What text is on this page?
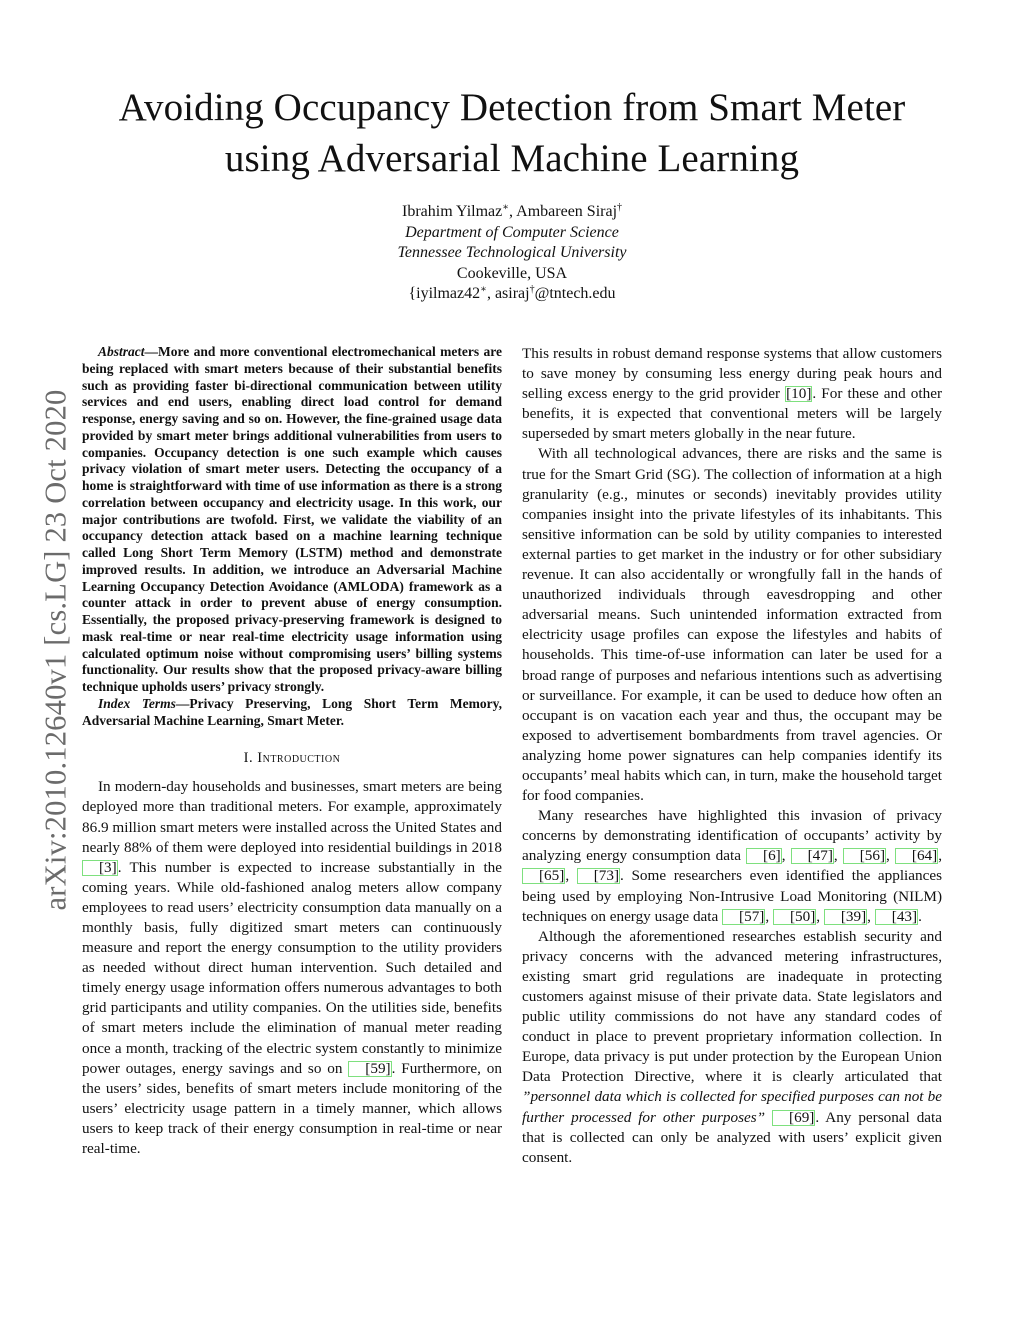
arXiv:2010.12640v1 [cs.LG] 23 Oct 2020
Avoiding Occupancy Detection from Smart Meter
using Adversarial Machine Learning
Ibrahim Yilmaz∗, Ambareen Siraj†
Department of Computer Science
Tennessee Technological University
Cookeville, USA
{iyilmaz42∗, asiraj†@tntech.edu

Abstract—More and more conventional electromechanical meters are being replaced with smart meters because of their substantial benefits such as providing faster bi-directional communication between utility services and end users, enabling direct load control for demand response, energy saving and so on. However, the fine-grained usage data provided by smart meter brings additional vulnerabilities from users to companies. Occupancy detection is one such example which causes privacy violation of smart meter users. Detecting the occupancy of a home is straightforward with time of use information as there is a strong correlation between occupancy and electricity usage. In this work, our major contributions are twofold. First, we validate the viability of an occupancy detection attack based on a machine learning technique called Long Short Term Memory (LSTM) method and demonstrate improved results. In addition, we introduce an Adversarial Machine Learning Occupancy Detection Avoidance (AMLODA) framework as a counter attack in order to prevent abuse of energy consumption. Essentially, the proposed privacy-preserving framework is designed to mask real-time or near real-time electricity usage information using calculated optimum noise without compromising users’ billing systems functionality. Our results show that the proposed privacy-aware billing technique upholds users’ privacy strongly.

Index Terms—Privacy Preserving, Long Short Term Memory, Adversarial Machine Learning, Smart Meter.

I. Introduction

In modern-day households and businesses, smart meters are being deployed more than traditional meters. For example, approximately 86.9 million smart meters were installed across the United States and nearly 88% of them were deployed into residential buildings in 2018 [3]. This number is expected to increase substantially in the coming years. While old-fashioned analog meters allow company employees to read users’ electricity consumption data manually on a monthly basis, fully digitized smart meters can continuously measure and report the energy consumption to the utility providers as needed without direct human intervention. Such detailed and timely energy usage information offers numerous advantages to both grid participants and utility companies. On the utilities side, benefits of smart meters include the elimination of manual meter reading once a month, tracking of the electric system constantly to minimize power outages, energy savings and so on [59]. Furthermore, on the users’ sides, benefits of smart meters include monitoring of the users’ electricity usage pattern in a timely manner, which allows users to keep track of their energy consumption in real-time or near real-time.

This results in robust demand response systems that allow customers to save money by consuming less energy during peak hours and selling excess energy to the grid provider [10]. For these and other benefits, it is expected that conventional meters will be largely superseded by smart meters globally in the near future.

With all technological advances, there are risks and the same is true for the Smart Grid (SG). The collection of information at a high granularity (e.g., minutes or seconds) inevitably provides utility companies insight into the private lifestyles of its inhabitants. This sensitive information can be sold by utility companies to interested external parties to get market in the industry or for other subsidiary revenue. It can also accidentally or wrongfully fall in the hands of unauthorized individuals through eavesdropping and other adversarial means. Such unintended information extracted from electricity usage profiles can expose the lifestyles and habits of households. This time-of-use information can later be used for a broad range of purposes and nefarious intentions such as advertising or surveillance. For example, it can be used to deduce how often an occupant is on vacation each year and thus, the occupant may be exposed to advertisement bombardments from travel agencies. Or analyzing home power signatures can help companies identify its occupants’ meal habits which can, in turn, make the household target for food companies.

Many researches have highlighted this invasion of privacy concerns by demonstrating identification of occupants’ activity by analyzing energy consumption data [6], [47], [56], [64], [65], [73]. Some researchers even identified the appliances being used by employing Non-Intrusive Load Monitoring (NILM) techniques on energy usage data [57], [50], [39], [43].

Although the aforementioned researches establish security and privacy concerns with the advanced metering infrastructures, existing smart grid regulations are inadequate in protecting customers against misuse of their private data. State legislators and public utility commissions do not have any standard codes of conduct in place to prevent proprietary information collection. In Europe, data privacy is put under protection by the European Union Data Protection Directive, where it is clearly articulated that ”personnel data which is collected for specified purposes can not be further processed for other purposes” [69]. Any personal data that is collected can only be analyzed with users’ explicit given consent.
